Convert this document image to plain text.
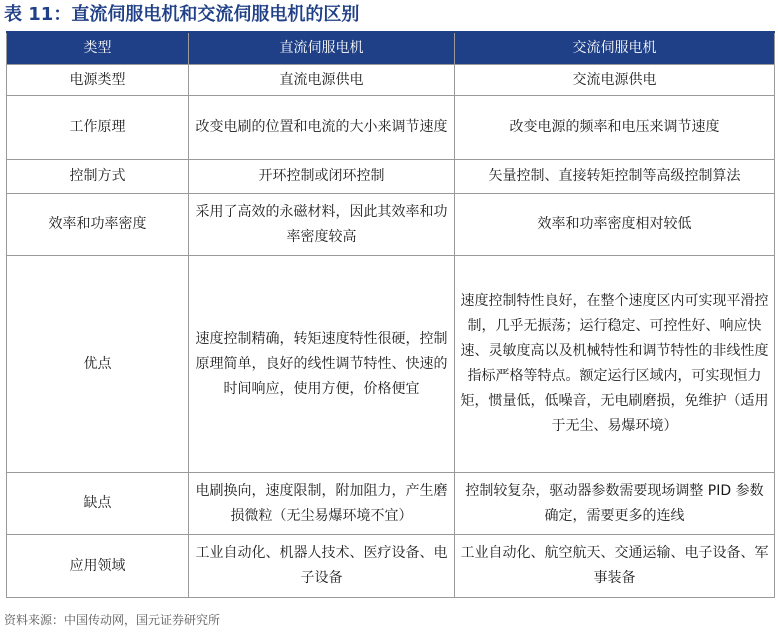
表 11：直流伺服电机和交流伺服电机的区别
类型	直流伺服电机	交流伺服电机
电源类型	直流电源供电	交流电源供电
工作原理	改变电刷的位置和电流的大小来调节速度	改变电源的频率和电压来调节速度
控制方式	开环控制或闭环控制	矢量控制、直接转矩控制等高级控制算法
效率和功率密度	采用了高效的永磁材料，因此其效率和功率密度较高	效率和功率密度相对较低
优点	速度控制精确，转矩速度特性很硬，控制原理简单，良好的线性调节特性、快速的时间响应，使用方便，价格便宜	速度控制特性良好，在整个速度区内可实现平滑控制，几乎无振荡；运行稳定、可控性好、响应快速、灵敏度高以及机械特性和调节特性的非线性度指标严格等特点。额定运行区域内，可实现恒力矩，惯量低，低噪音，无电刷磨损，免维护（适用于无尘、易爆环境）
缺点	电刷换向，速度限制，附加阻力，产生磨损微粒（无尘易爆环境不宜）	控制较复杂，驱动器参数需要现场调整 PID 参数确定，需要更多的连线
应用领域	工业自动化、机器人技术、医疗设备、电子设备	工业自动化、航空航天、交通运输、电子设备、军事装备
资料来源：中国传动网，国元证券研究所
